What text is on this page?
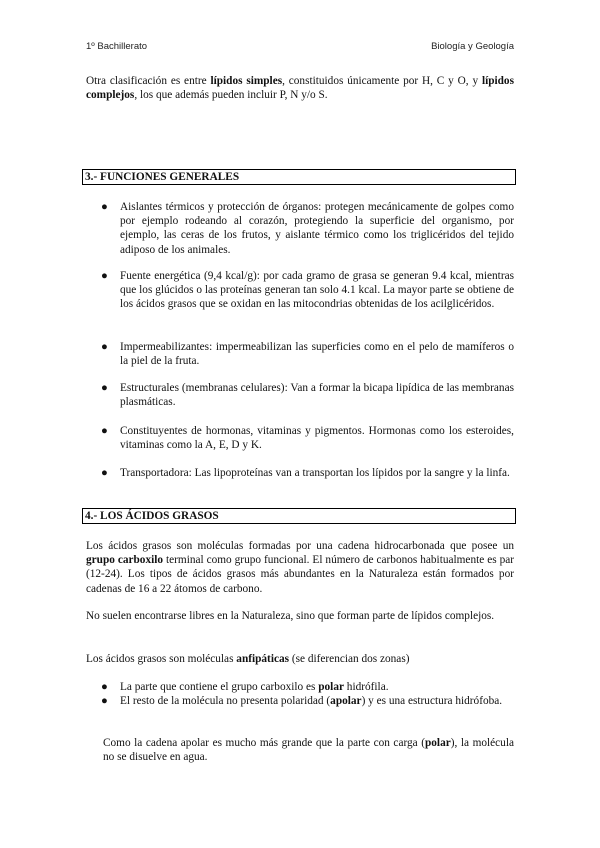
1º Bachillerato	Biología y Geología
Otra clasificación es entre lípidos simples, constituidos únicamente por H, C y O, y lípidos complejos, los que además pueden incluir P, N y/o S.
3.- FUNCIONES GENERALES
● Aislantes térmicos y protección de órganos: protegen mecánicamente de golpes como por ejemplo rodeando al corazón, protegiendo la superficie del organismo, por ejemplo, las ceras de los frutos, y aislante térmico como los triglicéridos del tejido adiposo de los animales.
● Fuente energética (9,4 kcal/g): por cada gramo de grasa se generan 9.4 kcal, mientras que los glúcidos o las proteínas generan tan solo 4.1 kcal. La mayor parte se obtiene de los ácidos grasos que se oxidan en las mitocondrias obtenidas de los acilglicéridos.
● Impermeabilizantes: impermeabilizan las superficies como en el pelo de mamíferos o la piel de la fruta.
● Estructurales (membranas celulares): Van a formar la bicapa lipídica de las membranas plasmáticas.
● Constituyentes de hormonas, vitaminas y pigmentos. Hormonas como los esteroides, vitaminas como la A, E, D y K.
● Transportadora: Las lipoproteínas van a transportan los lípidos por la sangre y la linfa.
4.- LOS ÁCIDOS GRASOS
Los ácidos grasos son moléculas formadas por una cadena hidrocarbonada que posee un grupo carboxilo terminal como grupo funcional. El número de carbonos habitualmente es par (12-24). Los tipos de ácidos grasos más abundantes en la Naturaleza están formados por cadenas de 16 a 22 átomos de carbono.
No suelen encontrarse libres en la Naturaleza, sino que forman parte de lípidos complejos.
Los ácidos grasos son moléculas anfipáticas (se diferencian dos zonas)
● La parte que contiene el grupo carboxilo es polar hidrófila.
● El resto de la molécula no presenta polaridad (apolar) y es una estructura hidrófoba.
Como la cadena apolar es mucho más grande que la parte con carga (polar), la molécula no se disuelve en agua.
